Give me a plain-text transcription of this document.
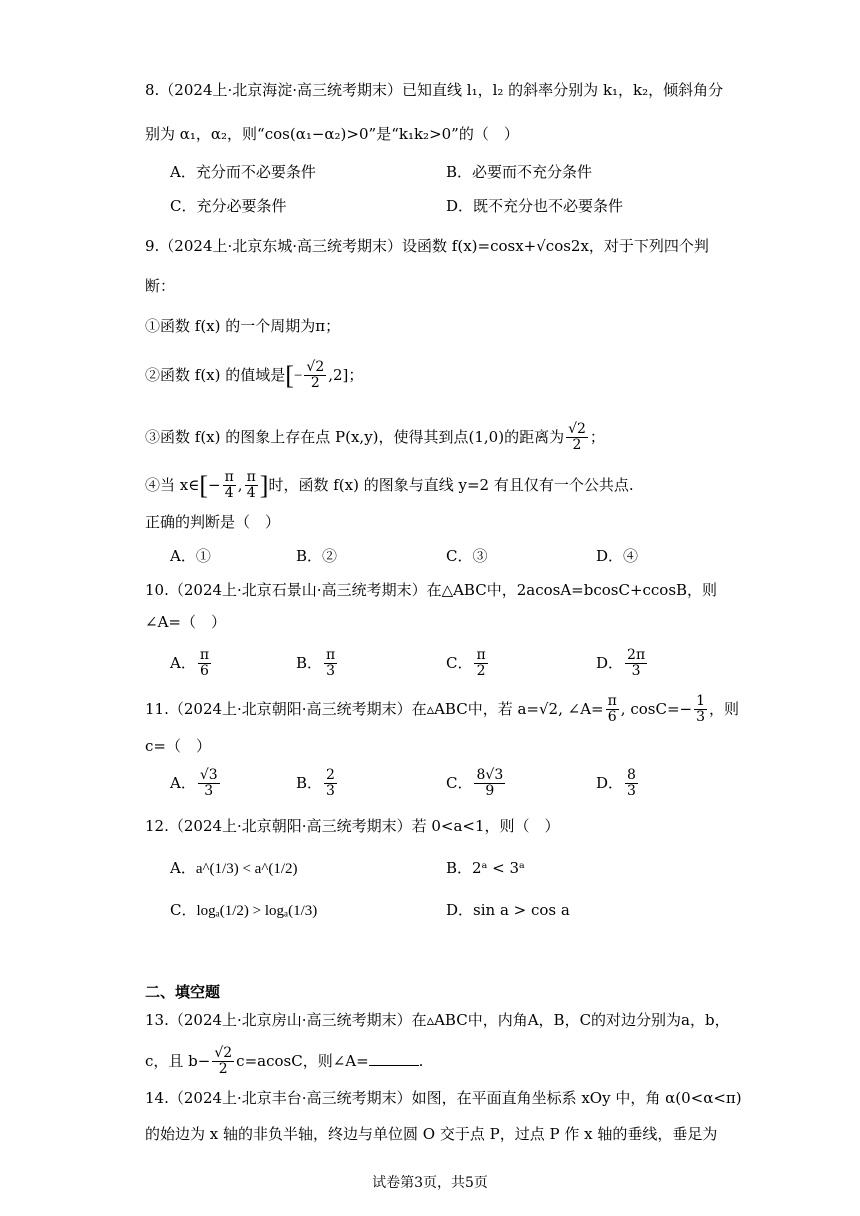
8.（2024上·北京海淀·高三统考期末）已知直线 l₁，l₂ 的斜率分别为 k₁，k₂，倾斜角分
别为 α₁，α₂，则“cos(α₁−α₂)>0”是“k₁k₂>0”的（　）
A．充分而不必要条件	B．必要而不充分条件
C．充分必要条件	D．既不充分也不必要条件
9.（2024上·北京东城·高三统考期末）设函数 f(x)=cosx+√cos2x，对于下列四个判
断：
①函数 f(x) 的一个周期为π；
②函数 f(x) 的值域是[− $\frac{√2}{2} ,2$]；
③函数 f(x) 的图象上存在点 P(x,y)，使得其到点(1,0)的距离为 $\frac{√2}{2}$ ；
④当 x∈[− $\frac{\pi}{4}$ , $\frac{\pi}{4}$ ]时，函数 f(x) 的图象与直线 y=2 有且仅有一个公共点.
正确的判断是（　）
A．①	B．②	C．③	D．④
10.（2024上·北京石景山·高三统考期末）在△ABC中，2acosA=bcosC+ccosB，则
∠A=（　）
A． $\frac{\pi}{6}$	B． $\frac{\pi}{3}$	C． $\frac{\pi}{2}$	D． $\frac{2\pi}{3}$
11.（2024上·北京朝阳·高三统考期末）在▵ABC中，若 a=√2, ∠A= $\frac{\pi}{6}$ , $\cos C=- \frac{1}{3}$ ，则
c=（　）
A． $\frac{√3}{3}$	B． $\frac{2}{3}$	C． $\frac{8√3}{9}$	D． $\frac{8}{3}$
12.（2024上·北京朝阳·高三统考期末）若 0<a<1，则（　）
A．a^(1/3) < a^(1/2)	B．2ᵃ < 3ᵃ
C．logₐ(1/2) > logₐ(1/3)	D．sin a > cos a
二、填空题
13.（2024上·北京房山·高三统考期末）在▵ABC中，内角A，B，C的对边分别为a，b，
c，且 $b- \frac{√2}{2} c=acosC$，则∠A=	.
14.（2024上·北京丰台·高三统考期末）如图，在平面直角坐标系 xOy 中，角 α(0<α<π)
的始边为 x 轴的非负半轴，终边与单位圆 O 交于点 P，过点 P 作 x 轴的垂线，垂足为
试卷第3页，共5页
